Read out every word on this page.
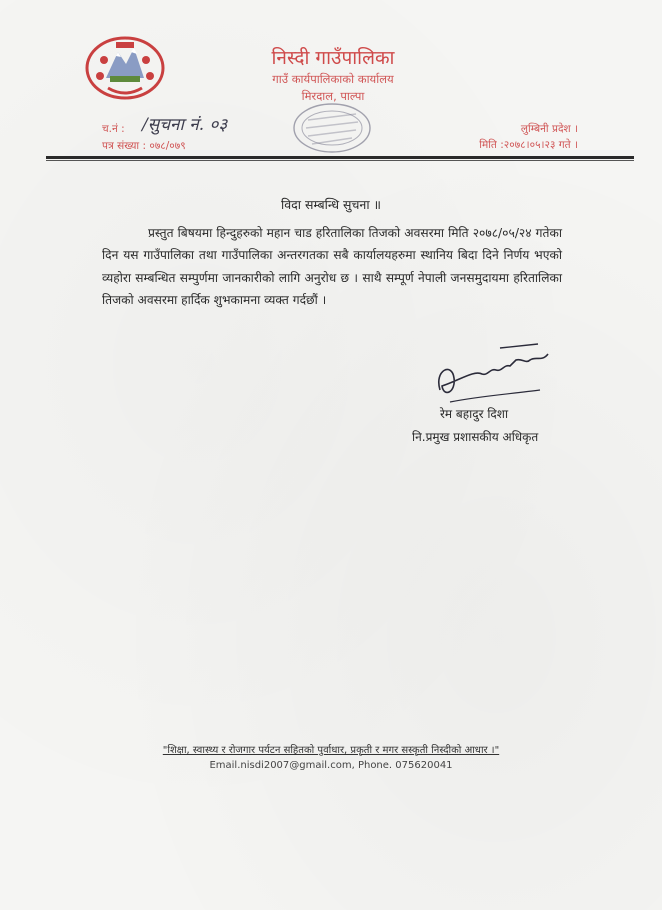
निस्दी गाउँपालिका
गाउँ कार्यपालिकाको कार्यालय
मिरदाल, पाल्पा
च.नं : /सुचना नं. ०३
पत्र संख्या : ०७८/०७९
लुम्बिनी प्रदेश ।
मिति :२०७८।०५।२३ गते ।
विदा सम्बन्धि सुचना ॥
प्रस्तुत बिषयमा हिन्दुहरुको महान चाड हरितालिका तिजको अवसरमा मिति २०७८/०५/२४ गतेका दिन यस गाउँपालिका तथा गाउँपालिका अन्तरगतका सबै कार्यालयहरुमा स्थानिय बिदा दिने निर्णय भएको व्यहोरा सम्बन्धित सम्पुर्णमा जानकारीको लागि अनुरोध छ । साथै सम्पूर्ण नेपाली जनसमुदायमा हरितालिका तिजको अवसरमा हार्दिक शुभकामना व्यक्त गर्दछौं ।
रेम बहादुर दिशा
नि.प्रमुख प्रशासकीय अधिकृत
"शिक्षा, स्वास्थ्य र रोजगार पर्यटन सहितको पुर्वाधार, प्रकृती र मगर सस्कृती निस्दीको आधार ।"
Email.nisdi2007@gmail.com, Phone. 075620041
